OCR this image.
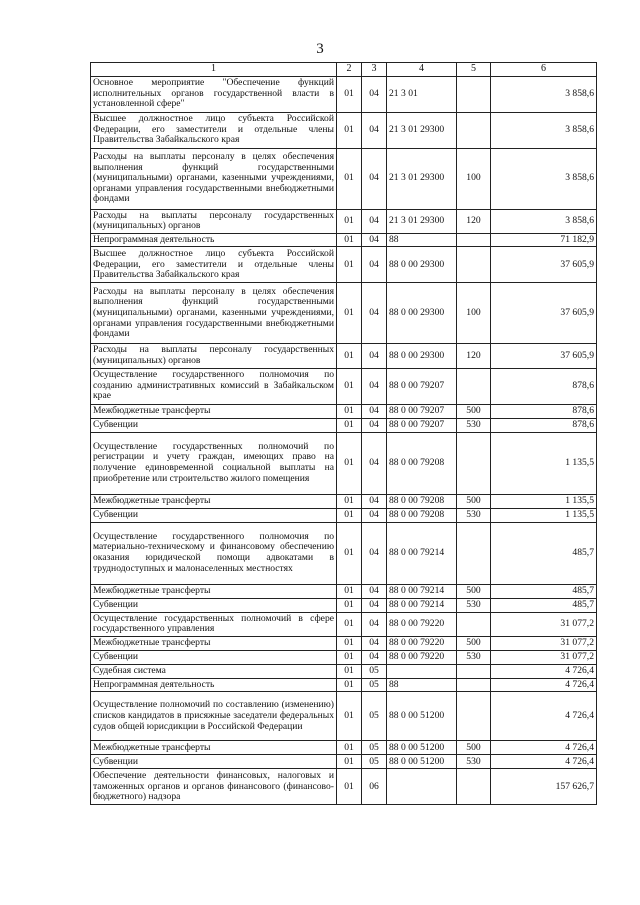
3
1	2	3	4	5	6
Основное мероприятие "Обеспечение функций исполнительных органов государственной власти в установленной сфере"	01	04	21 3 01		3 858,6
Высшее должностное лицо субъекта Российской Федерации, его заместители и отдельные члены Правительства Забайкальского края	01	04	21 3 01 29300		3 858,6
Расходы на выплаты персоналу в целях обеспечения выполнения функций государственными (муниципальными) органами, казенными учреждениями, органами управления государственными внебюджетными фондами	01	04	21 3 01 29300	100	3 858,6
Расходы на выплаты персоналу государственных (муниципальных) органов	01	04	21 3 01 29300	120	3 858,6
Непрограммная деятельность	01	04	88		71 182,9
Высшее должностное лицо субъекта Российской Федерации, его заместители и отдельные члены Правительства Забайкальского края	01	04	88 0 00 29300		37 605,9
Расходы на выплаты персоналу в целях обеспечения выполнения функций государственными (муниципальными) органами, казенными учреждениями, органами управления государственными внебюджетными фондами	01	04	88 0 00 29300	100	37 605,9
Расходы на выплаты персоналу государственных (муниципальных) органов	01	04	88 0 00 29300	120	37 605,9
Осуществление государственного полномочия по созданию административных комиссий в Забайкальском крае	01	04	88 0 00 79207		878,6
Межбюджетные трансферты	01	04	88 0 00 79207	500	878,6
Субвенции	01	04	88 0 00 79207	530	878,6
Осуществление государственных полномочий по регистрации и учету граждан, имеющих право на получение единовременной социальной выплаты на приобретение или строительство жилого помещения	01	04	88 0 00 79208		1 135,5
Межбюджетные трансферты	01	04	88 0 00 79208	500	1 135,5
Субвенции	01	04	88 0 00 79208	530	1 135,5
Осуществление государственного полномочия по материально-техническому и финансовому обеспечению оказания юридической помощи адвокатами в труднодоступных и малонаселенных местностях	01	04	88 0 00 79214		485,7
Межбюджетные трансферты	01	04	88 0 00 79214	500	485,7
Субвенции	01	04	88 0 00 79214	530	485,7
Осуществление государственных полномочий в сфере государственного управления	01	04	88 0 00 79220		31 077,2
Межбюджетные трансферты	01	04	88 0 00 79220	500	31 077,2
Субвенции	01	04	88 0 00 79220	530	31 077,2
Судебная система	01	05			4 726,4
Непрограммная деятельность	01	05	88		4 726,4
Осуществление полномочий по составлению (изменению) списков кандидатов в присяжные заседатели федеральных судов общей юрисдикции в Российской Федерации	01	05	88 0 00 51200		4 726,4
Межбюджетные трансферты	01	05	88 0 00 51200	500	4 726,4
Субвенции	01	05	88 0 00 51200	530	4 726,4
Обеспечение деятельности финансовых, налоговых и таможенных органов и органов финансового (финансово-бюджетного) надзора	01	06			157 626,7
